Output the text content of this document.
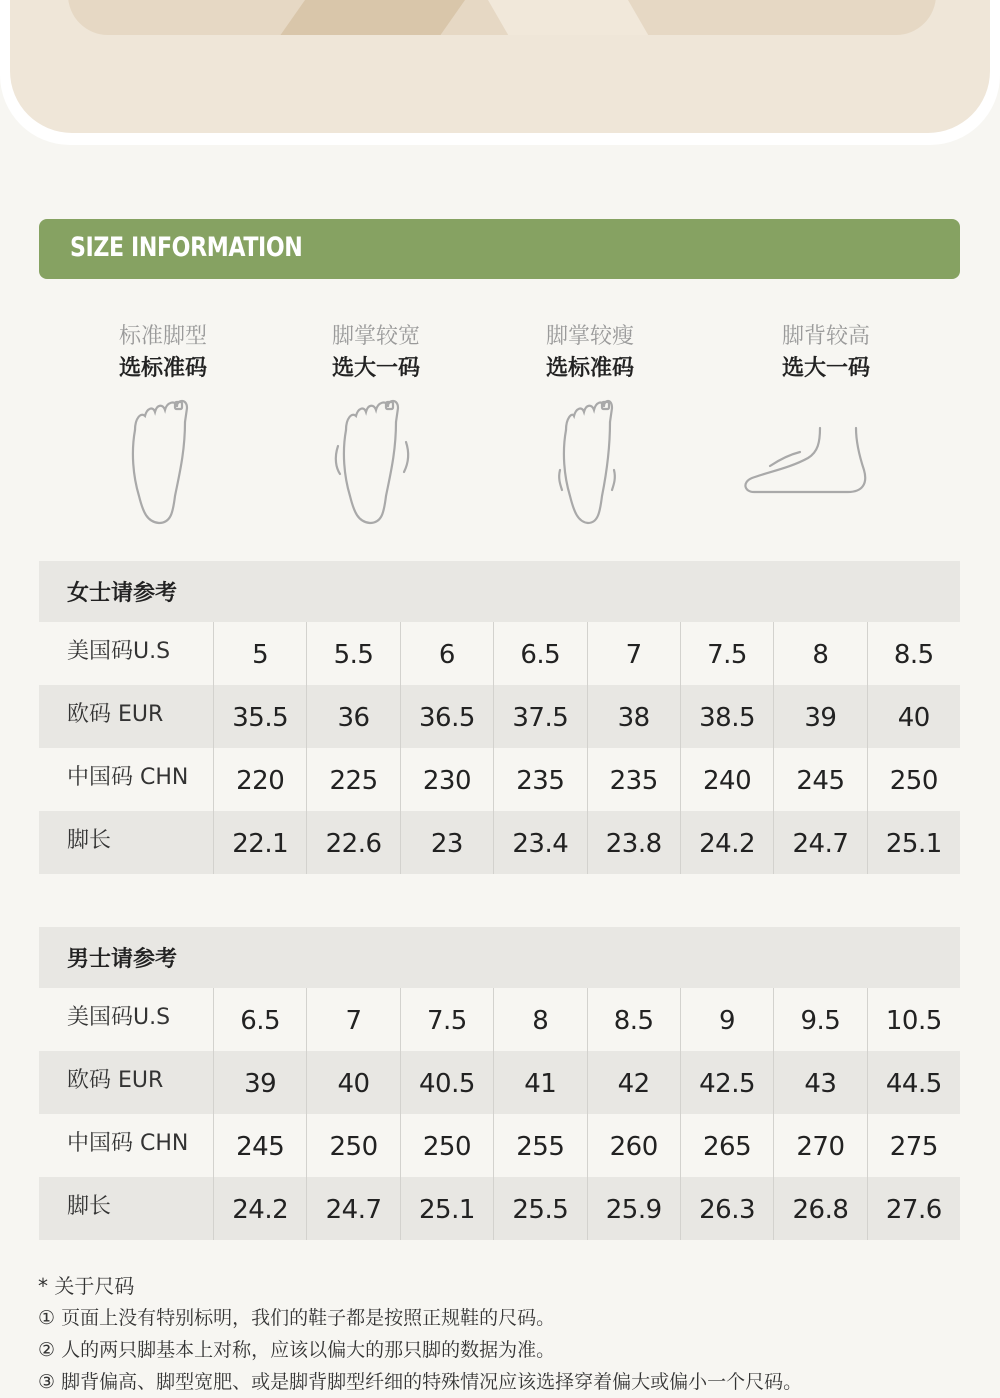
SIZE INFORMATION
标准脚型
选标准码
脚掌较宽
选大一码
脚掌较瘦
选标准码
脚背较高
选大一码
女士请参考
美国码U.S	5	5.5	6	6.5	7	7.5	8	8.5
欧码 EUR	35.5	36	36.5	37.5	38	38.5	39	40
中国码 CHN	220	225	230	235	235	240	245	250
脚长	22.1	22.6	23	23.4	23.8	24.2	24.7	25.1
男士请参考
美国码U.S	6.5	7	7.5	8	8.5	9	9.5	10.5
欧码 EUR	39	40	40.5	41	42	42.5	43	44.5
中国码 CHN	245	250	250	255	260	265	270	275
脚长	24.2	24.7	25.1	25.5	25.9	26.3	26.8	27.6
* 关于尺码
① 页面上没有特别标明，我们的鞋子都是按照正规鞋的尺码。
② 人的两只脚基本上对称，应该以偏大的那只脚的数据为准。
③ 脚背偏高、脚型宽肥、或是脚背脚型纤细的特殊情况应该选择穿着偏大或偏小一个尺码。
